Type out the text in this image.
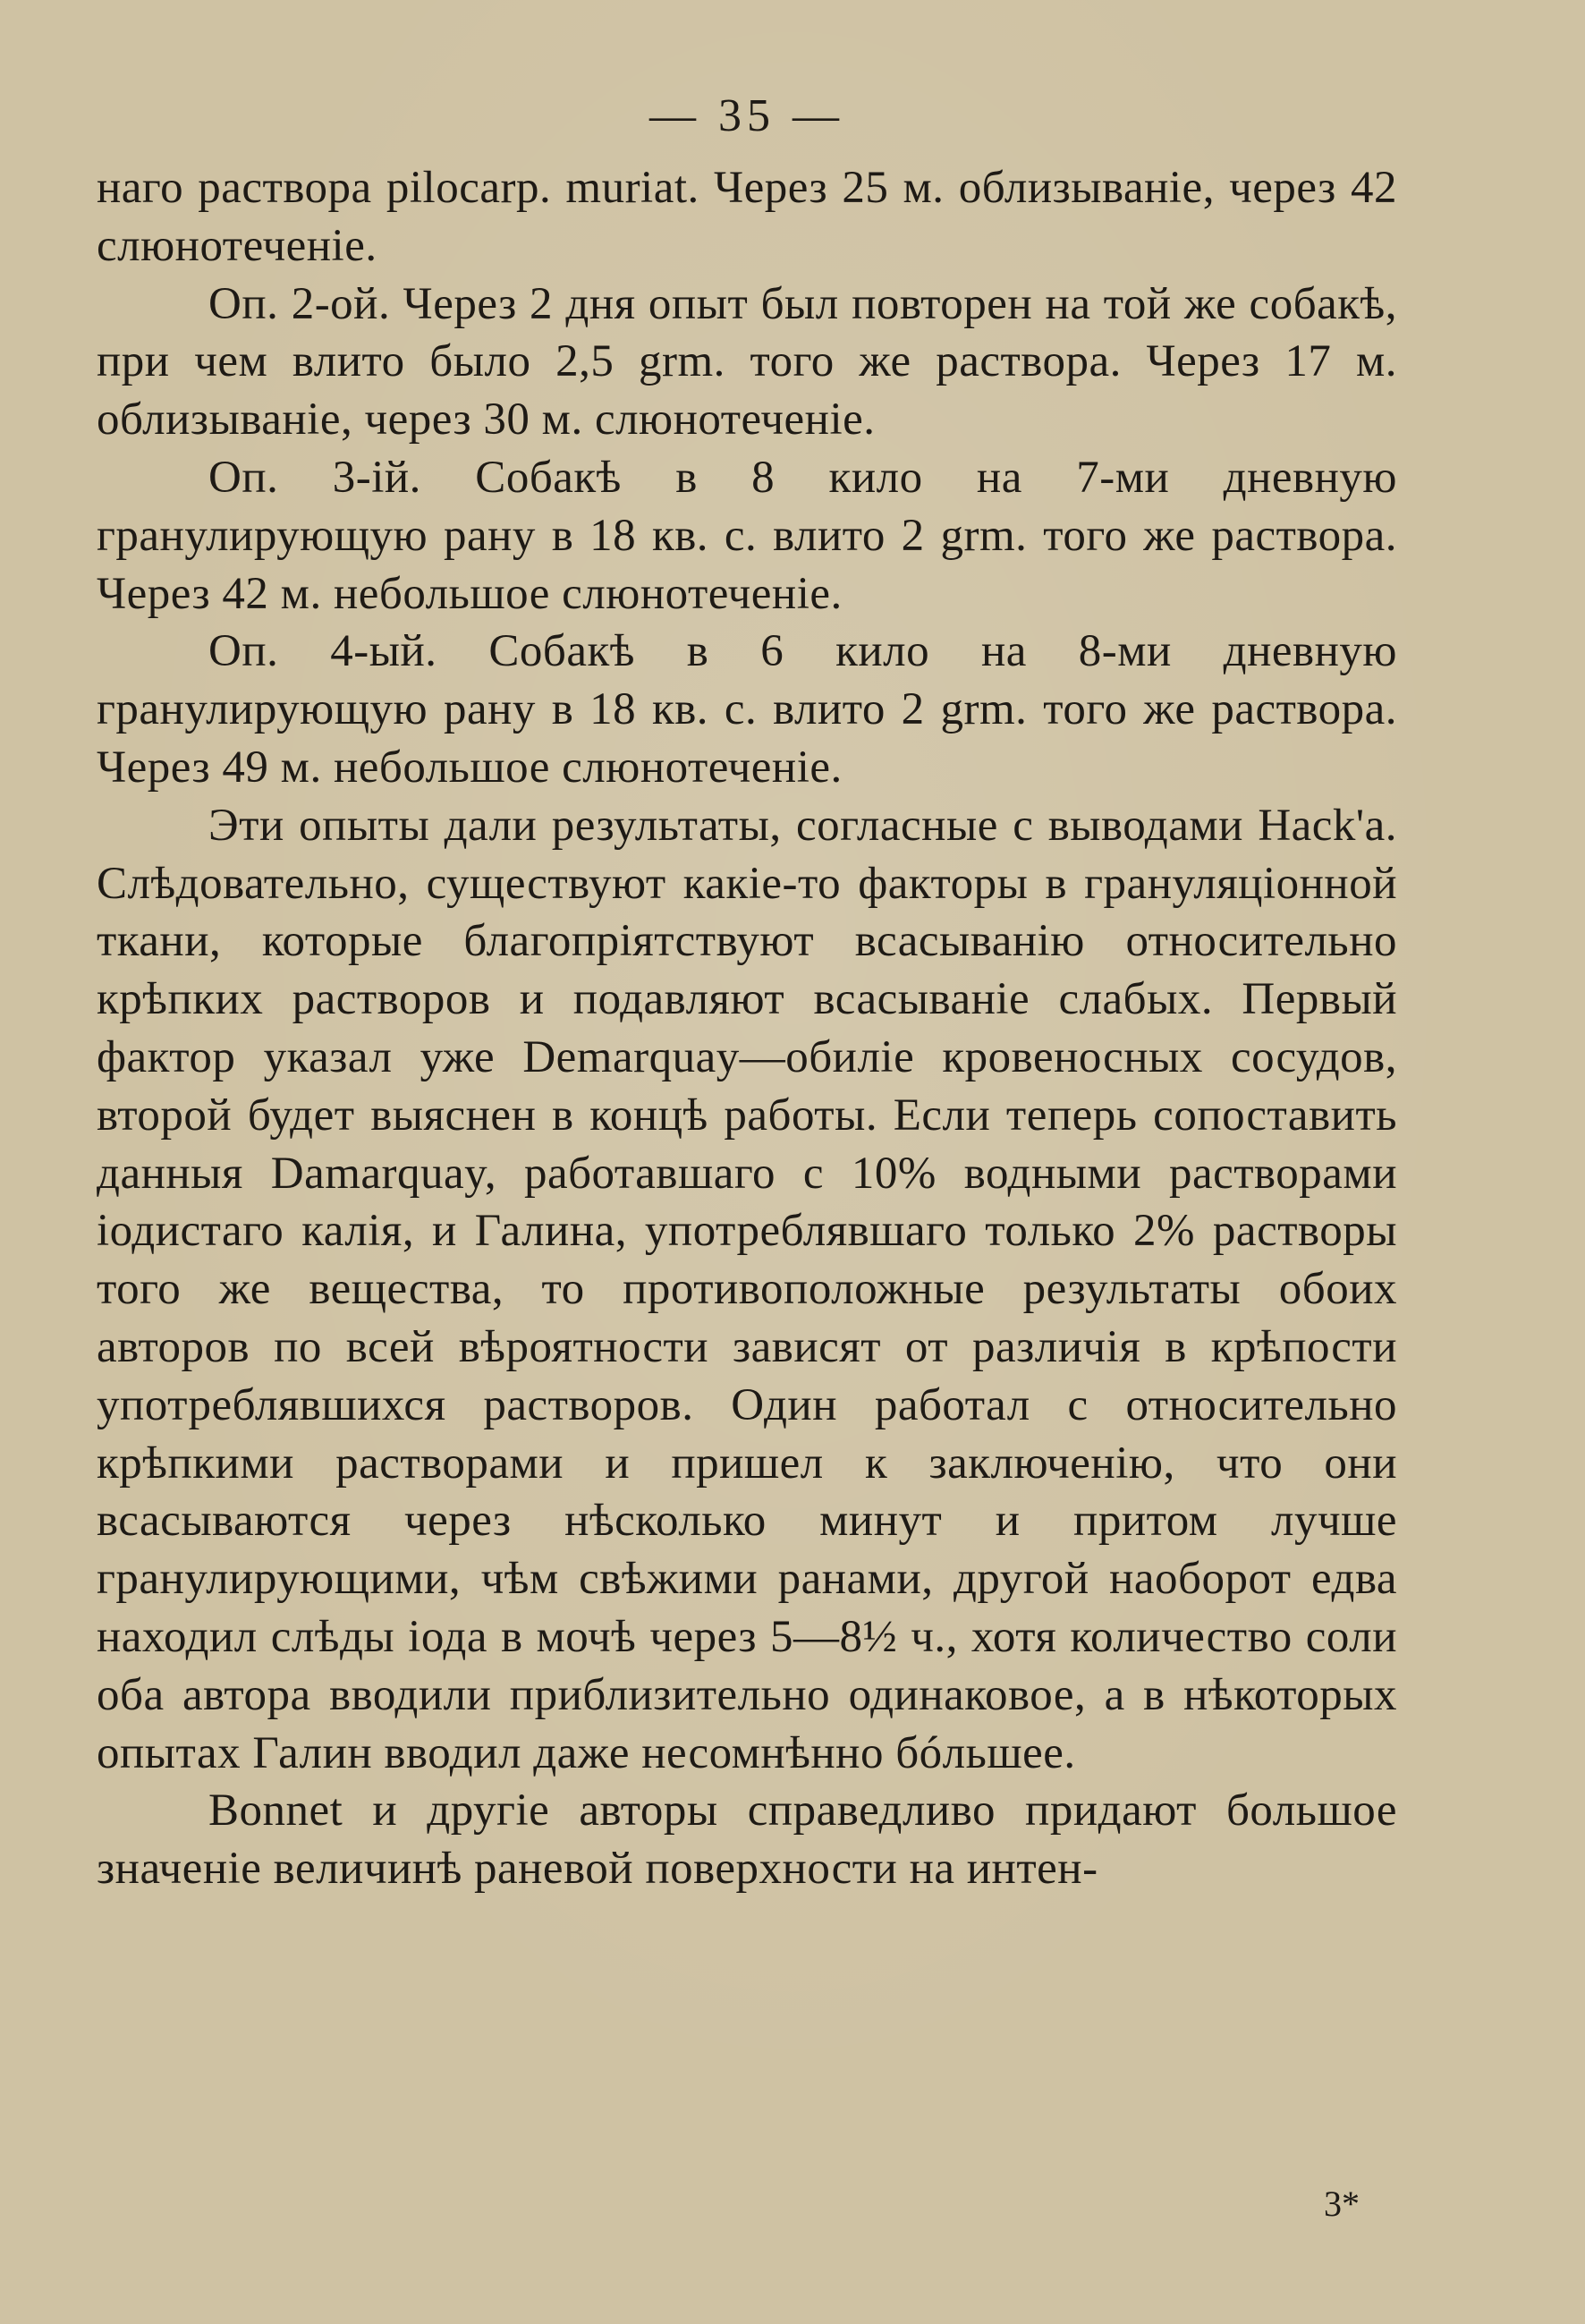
— 35 —

наго раствора pilocarp. muriat. Через 25 м. облизыванiе, через 42 слюнотеченiе.

Оп. 2-ой. Через 2 дня опыт был повторен на той же собакѣ, при чем влито было 2,5 grm. того же раствора. Через 17 м. облизыванiе, через 30 м. слюнотеченiе.

Оп. 3-iй. Собакѣ в 8 кило на 7-ми дневную гранулирующую рану в 18 кв. с. влито 2 grm. того же раствора. Через 42 м. небольшое слюнотеченiе.

Оп. 4-ый. Собакѣ в 6 кило на 8-ми дневную гранулирующую рану в 18 кв. с. влито 2 grm. того же раствора. Через 49 м. небольшое слюнотеченiе.

Эти опыты дали результаты, согласные с выводами Hack'a. Слѣдовательно, существуют какiе-то факторы в грануляцiонной ткани, которые благопрiятствуют всасыванiю относительно крѣпких растворов и подавляют всасыванiе слабых. Первый фактор указал уже Demarquay—обилiе кровеносных сосудов, второй будет выяснен в концѣ работы. Если теперь сопоставить данныя Damarquay, работавшаго с 10% водными растворами iодистаго калiя, и Галина, употреблявшаго только 2% растворы того же вещества, то противоположные результаты обоих авторов по всей вѣроятности зависят от различiя в крѣпости употреблявшихся растворов. Один работал с относительно крѣпкими растворами и пришел к заключенiю, что они всасываются через нѣсколько минут и притом лучше гранулирующими, чѣм свѣжими ранами, другой наоборот едва находил слѣды iода в мочѣ через 5—8½ ч., хотя количество соли оба автора вводили приблизительно одинаковое, а в нѣкоторых опытах Галин вводил даже несомнѣнно бóльшее.

Bonnet и другiе авторы справедливо придают большое значенiе величинѣ раневой поверхности на интен-

3*
